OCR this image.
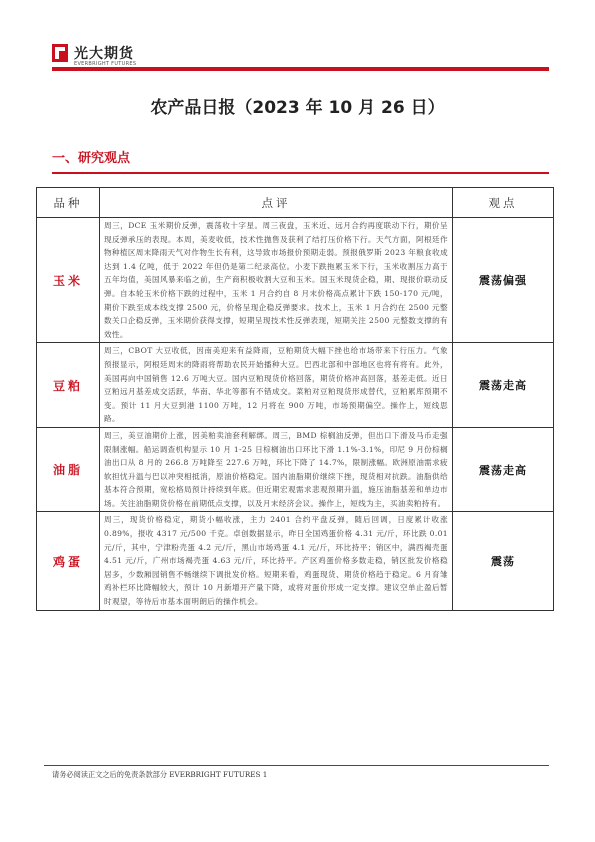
光大期货
EVERBRIGHT FUTURES
农产品日报（2023 年 10 月 26 日）
一、研究观点
品种	点评	观点
玉米	周三，DCE 玉米期价反弹，震荡收十字星。周三夜盘，玉米近、远月合约再度联动下行，期价呈现反弹承压的表现。本周，美麦收低，技术性抛售及获利了结打压价格下行。天气方面，阿根廷作物种植区周末降雨天气对作物生长有利，这导致市场报价预期走弱。预报俄罗斯 2023 年粮食收成达到 1.4 亿吨，低于 2022 年但仍是第二纪录高位。小麦下跌拖累玉米下行，玉米收割压力高于五年均值，美国风暴来临之前，生产商积极收割大豆和玉米。国玉米现货企稳，期、现报价联动反弹。自本轮玉米价格下跌的过程中，玉米 1 月合约自 8 月末价格高点累计下跌 150-170 元/吨，期价下跌至成本线支撑 2500 元，价格呈现企稳反弹要求。技术上，玉米 1 月合约在 2500 元整数关口企稳反弹，玉米期价获得支撑，短期呈现技术性反弹表现，短期关注 2500 元整数支撑的有效性。	震荡偏强
豆粕	周三，CBOT 大豆收低，因南美迎来有益降雨，豆粕期货大幅下挫也给市场带来下行压力。气象预报显示，阿根廷周末的降雨将帮助农民开始播种大豆。巴西北部和中部地区也将有将有。此外，美国再向中国销售 12.6 万吨大豆。国内豆粕现货价格回落，期货价格冲高回落，基差走低。近日豆粕远月基差成交活跃，华南、华北等都有不错成交。菜粕对豆粕现货形成替代，豆粕累库预期不变。预计 11 月大豆到港 1100 万吨，12 月将在 900 万吨，市场预期偏空。操作上，短线思路。	震荡走高
油脂	周三，美豆油期价上涨，因美粕卖油套利解绑。周三，BMD 棕榈油反弹，但出口下滑及马币走强限制涨幅。船运调查机构显示 10 月 1-25 日棕榈油出口环比下滑 1.1%-3.1%，印尼 9 月份棕榈油出口从 8 月的 266.8 万吨降至 227.6 万吨，环比下降了 14.7%，限制涨幅。欧洲原油需求疲软担忧升温与巴以冲突相抵消，原油价格稳定。国内油脂期价继续下挫，现货相对抗跌。油脂供给基本符合预期，宽松格局预计持续到年底。但近期宏观需求悲观预期升温，施压油脂基差和单边市场。关注油脂期货价格在前期低点支撑，以及月末经济会议。操作上，短线为主，买油卖粕持有。	震荡走高
鸡蛋	周三，现货价格稳定，期货小幅收涨，主力 2401 合约平盘反弹，随后回调，日度累计收涨 0.89%，报收 4317 元/500 千克。卓创数据显示，昨日全国鸡蛋价格 4.31 元/斤，环比跌 0.01 元/斤，其中，宁津粉壳蛋 4.2 元/斤，黑山市场鸡蛋 4.1 元/斤，环比持平；销区中，满西褐壳蛋 4.51 元/斤，广州市场褐壳蛋 4.63 元/斤，环比持平。产区鸡蛋价格多数走稳，销区批发价格稳居多，少数厢园销售不畅继续下调批发价格。短期来看，鸡蛋现货、期货价格趋于稳定。6 月育雏鸡补栏环比降幅较大，预计 10 月新增开产量下降，或将对蛋价形成一定支撑。建议空单止盈后暂时观望，等待后市基本面明朗后的操作机会。	震荡
请务必阅读正文之后的免责条款部分 EVERBRIGHT FUTURES 1
